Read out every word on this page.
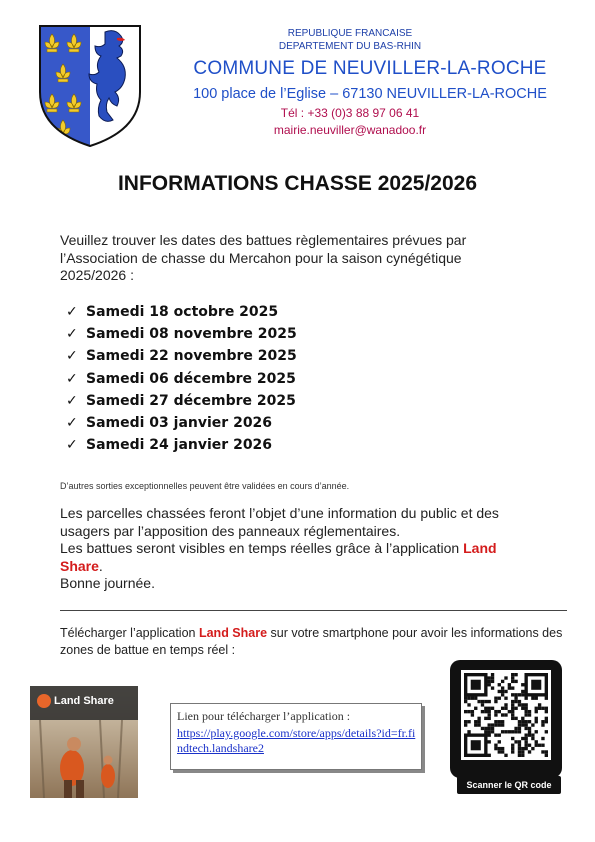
REPUBLIQUE FRANCAISE
DEPARTEMENT DU BAS-RHIN
COMMUNE DE NEUVILLER-LA-ROCHE
100 place de l’Eglise – 67130 NEUVILLER-LA-ROCHE
Tél : +33 (0)3 88 97 06 41
mairie.neuviller@wanadoo.fr
INFORMATIONS CHASSE 2025/2026
Veuillez trouver les dates des battues règlementaires prévues par l’Association de chasse du Mercahon pour la saison cynégétique 2025/2026 :
✓ Samedi 18 octobre 2025
✓ Samedi 08 novembre 2025
✓ Samedi 22 novembre 2025
✓ Samedi 06 décembre 2025
✓ Samedi 27 décembre 2025
✓ Samedi 03 janvier 2026
✓ Samedi 24 janvier 2026
D’autres sorties exceptionnelles peuvent être validées en cours d’année.
Les parcelles chassées feront l’objet d’une information du public et des usagers par l’apposition des panneaux réglementaires.
Les battues seront visibles en temps réelles grâce à l’application Land Share.
Bonne journée.
Télécharger l’application Land Share sur votre smartphone pour avoir les informations des zones de battue en temps réel :
Land Share
Lien pour télécharger l’application :
https://play.google.com/store/apps/details?id=fr.findtech.landshare2
Scanner le QR code
